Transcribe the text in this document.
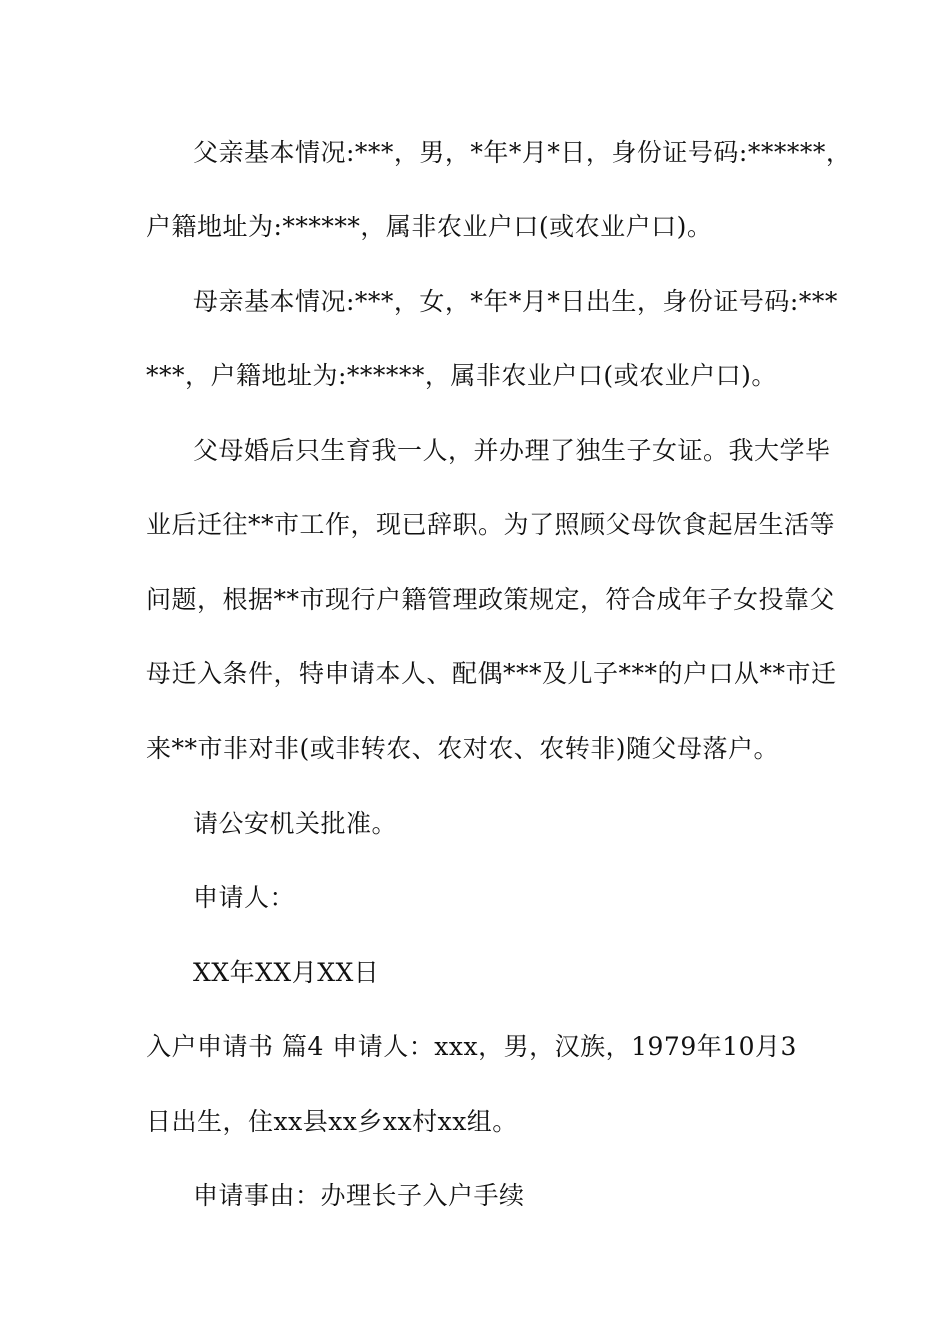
父亲基本情况:***，男，*年*月*日，身份证号码:******，
户籍地址为:******，属非农业户口(或农业户口)。
母亲基本情况:***，女，*年*月*日出生，身份证号码:***
***，户籍地址为:******，属非农业户口(或农业户口)。
父母婚后只生育我一人，并办理了独生子女证。我大学毕
业后迁往**市工作，现已辞职。为了照顾父母饮食起居生活等
问题，根据**市现行户籍管理政策规定，符合成年子女投靠父
母迁入条件，特申请本人、配偶***及儿子***的户口从**市迁
来**市非对非(或非转农、农对农、农转非)随父母落户。
请公安机关批准。
申请人：
XX年XX月XX日
入户申请书 篇4 申请人：xxx，男，汉族，1979年10月3
日出生，住xx县xx乡xx村xx组。
申请事由：办理长子入户手续
